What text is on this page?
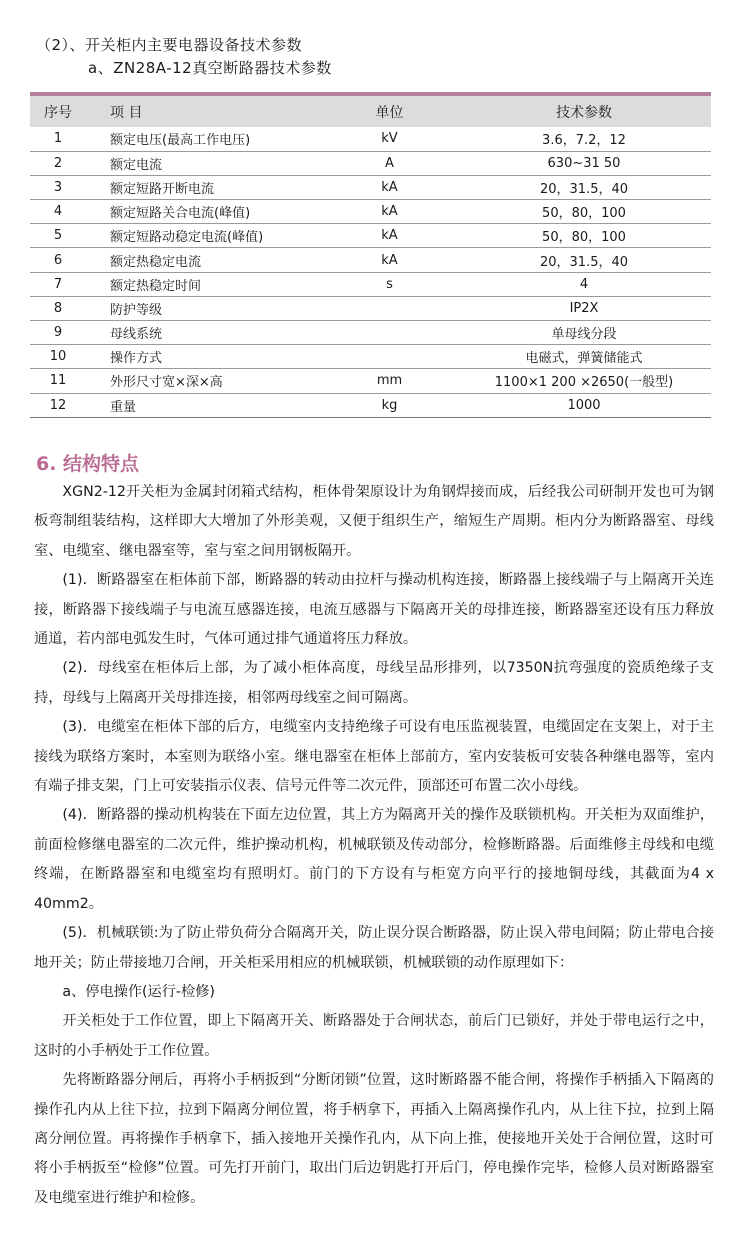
（2）、开关柜内主要电器设备技术参数
a、ZN28A-12真空断路器技术参数
序号	项 目	单位	技术参数
1	额定电压(最高工作电压)	kV	3.6，7.2，12
2	额定电流	A	630~31 50
3	额定短路开断电流	kA	20，31.5，40
4	额定短路关合电流(峰值)	kA	50，80，100
5	额定短路动稳定电流(峰值)	kA	50，80，100
6	额定热稳定电流	kA	20，31.5，40
7	额定热稳定时间	s	4
8	防护等级		IP2X
9	母线系统		单母线分段
10	操作方式		电磁式，弹簧储能式
11	外形尺寸宽×深×高	mm	1100×1 200 ×2650(一般型)
12	重量	kg	1000
6. 结构特点

XGN2-12开关柜为金属封闭箱式结构，柜体骨架原设计为角钢焊接而成，后经我公司研制开发也可为钢板弯制组装结构，这样即大大增加了外形美观，又便于组织生产，缩短生产周期。柜内分为断路器室、母线室、电缆室、继电器室等，室与室之间用钢板隔开。

(1)．断路器室在柜体前下部，断路器的转动由拉杆与操动机构连接，断路器上接线端子与上隔离开关连接，断路器下接线端子与电流互感器连接，电流互感器与下隔离开关的母排连接，断路器室还设有压力释放通道，若内部电弧发生时，气体可通过排气通道将压力释放。

(2)．母线室在柜体后上部，为了减小柜体高度，母线呈品形排列，以7350N抗弯强度的瓷质绝缘子支持，母线与上隔离开关母排连接，相邻两母线室之间可隔离。

(3)．电缆室在柜体下部的后方，电缆室内支持绝缘子可设有电压监视装置，电缆固定在支架上，对于主接线为联络方案时，本室则为联络小室。继电器室在柜体上部前方，室内安装板可安装各种继电器等，室内有端子排支架，门上可安装指示仪表、信号元件等二次元件，顶部还可布置二次小母线。

(4)．断路器的操动机构装在下面左边位置，其上方为隔离开关的操作及联锁机构。开关柜为双面维护，前面检修继电器室的二次元件，维护操动机构，机械联锁及传动部分，检修断路器。后面维修主母线和电缆终端，在断路器室和电缆室均有照明灯。前门的下方设有与柜宽方向平行的接地铜母线，其截面为4 x 40mm2。

(5)．机械联锁:为了防止带负荷分合隔离开关，防止误分误合断路器，防止误入带电间隔；防止带电合接地开关；防止带接地刀合闸，开关柜采用相应的机械联锁，机械联锁的动作原理如下：

a、停电操作(运行-检修)

开关柜处于工作位置，即上下隔离开关、断路器处于合闸状态，前后门已锁好，并处于带电运行之中，这时的小手柄处于工作位置。

先将断路器分闸后，再将小手柄扳到“分断闭锁”位置，这时断路器不能合闸，将操作手柄插入下隔离的操作孔内从上往下拉，拉到下隔离分闸位置，将手柄拿下，再插入上隔离操作孔内，从上往下拉，拉到上隔离分闸位置。再将操作手柄拿下，插入接地开关操作孔内，从下向上推，使接地开关处于合闸位置，这时可将小手柄扳至“检修”位置。可先打开前门，取出门后边钥匙打开后门，停电操作完毕，检修人员对断路器室及电缆室进行维护和检修。
